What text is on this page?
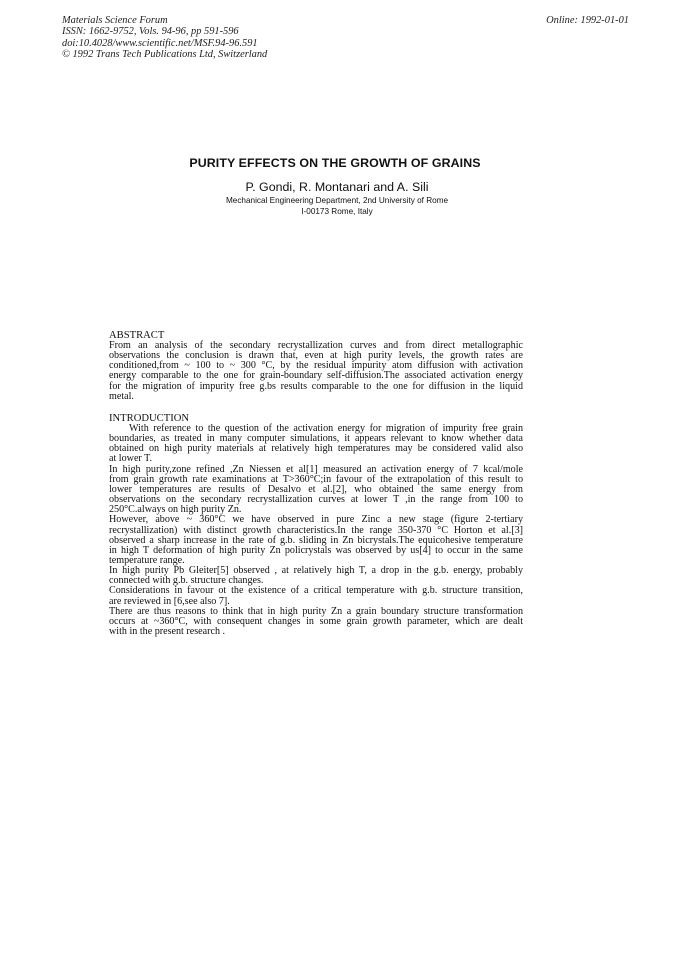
Materials Science Forum
ISSN: 1662-9752, Vols. 94-96, pp 591-596
doi:10.4028/www.scientific.net/MSF.94-96.591
© 1992 Trans Tech Publications Ltd, Switzerland
Online: 1992-01-01
PURITY EFFECTS ON THE GROWTH OF GRAINS
P. Gondi, R. Montanari and A. Sili
Mechanical Engineering Department, 2nd University of Rome
I-00173 Rome, Italy
ABSTRACT
From an analysis of the secondary recrystallization curves and from direct metallographic
observations the conclusion is drawn that, even at high purity levels, the growth rates are
conditioned,from ~ 100 to ~ 300 °C, by the residual impurity atom diffusion with activation
energy comparable to the one for grain-boundary self-diffusion.The associated activation energy
for the migration of impurity free g.bs results comparable to the one for diffusion in the liquid
metal.
INTRODUCTION
With reference to the question of the activation energy for migration of impurity free grain
boundaries, as treated in many computer simulations, it appears relevant to know whether data
obtained on high purity materials at relatively high temperatures may be considered valid also
at lower T.
In high purity,zone refined ,Zn Niessen et al[1] measured an activation energy of 7 kcal/mole
from grain growth rate examinations at T>360°C;in favour of the extrapolation of this result to
lower temperatures are results of Desalvo et al.[2], who obtained the same energy from
observations on the secondary recrystallization curves at lower T ,in the range from 100 to
250°C.always on high purity Zn.
However, above ~ 360°C we have observed in pure Zinc a new stage (figure 2-tertiary
recrystallization) with distinct growth characteristics.In the range 350-370 °C Horton et al.[3]
observed a sharp increase in the rate of g.b. sliding in Zn bicrystals.The equicohesive temperature
in high T deformation of high purity Zn policrystals was observed by us[4] to occur in the same
temperature range.
In high purity Pb Gleiter[5] observed , at relatively high T, a drop in the g.b. energy, probably
connected with g.b. structure changes.
Considerations in favour ot the existence of a critical temperature with g.b. structure transition,
are reviewed in [6,see also 7].
There are thus reasons to think that in high purity Zn a grain boundary structure transformation
occurs at ~360°C, with consequent changes in some grain growth parameter, which are dealt
with in the present research .
